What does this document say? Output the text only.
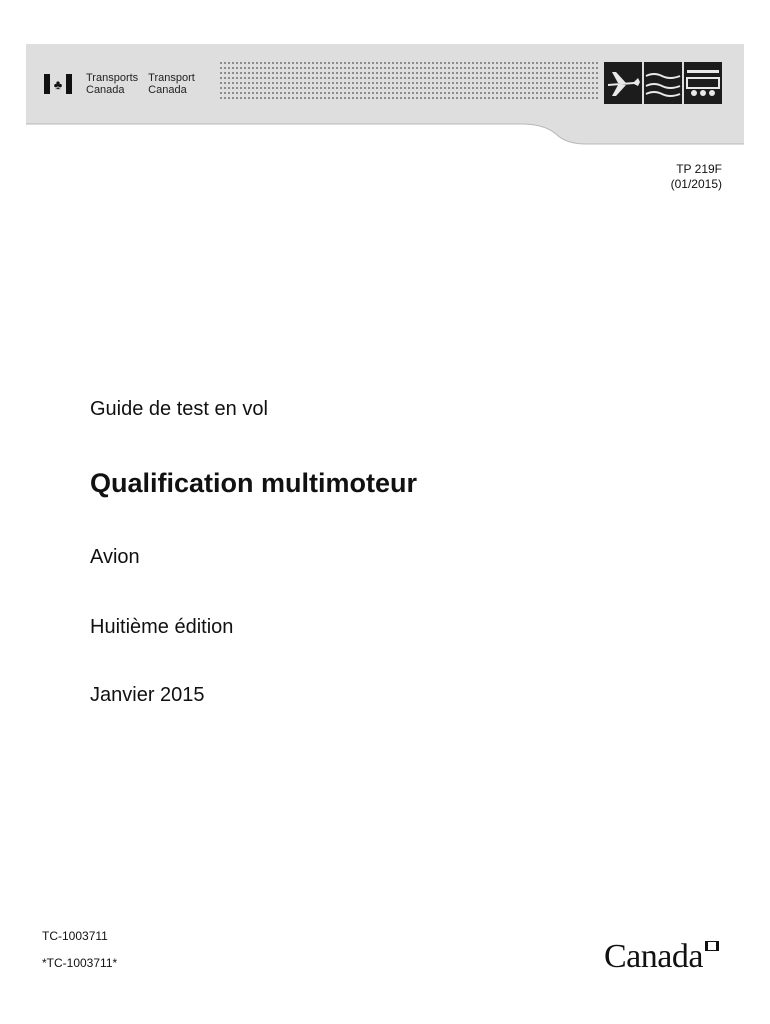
♣	Transports Transport
Canada	Canada
TP 219F
(01/2015)
Guide de test en vol
Qualification multimoteur
Avion
Huitième édition
Janvier 2015
TC-1003711
*TC-1003711*	Canada
